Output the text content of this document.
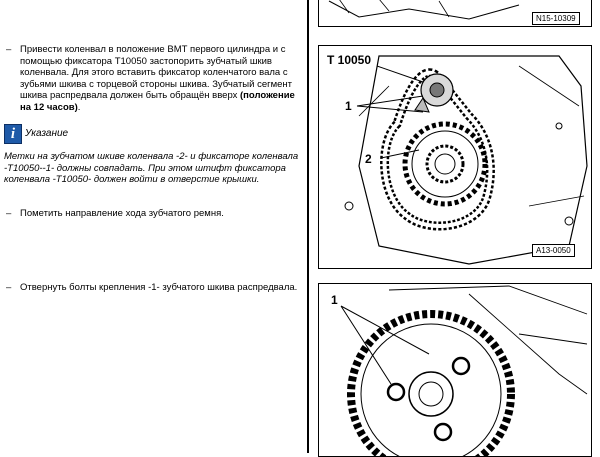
– Привести коленвал в положение ВМТ первого цилиндра и с помощью фиксатора T10050 застопорить зубчатый шкив коленвала. Для этого вставить фиксатор коленчатого вала с зубьями шкива с торцевой стороны шкива. Зубчатый сегмент шкива распредвала должен быть обращён вверх (положение на 12 часов).
i Указание
Метки на зубчатом шкиве коленвала -2- и фиксаторе коленвала -T10050--1- должны совпадать. При этом штифт фиксатора коленвала -T10050- должен войти в отверстие крышки.
– Пометить направление хода зубчатого ремня.
– Отвернуть болты крепления -1- зубчатого шкива распредвала.
N15-10309
T 10050
1
2
A13-0050
1
